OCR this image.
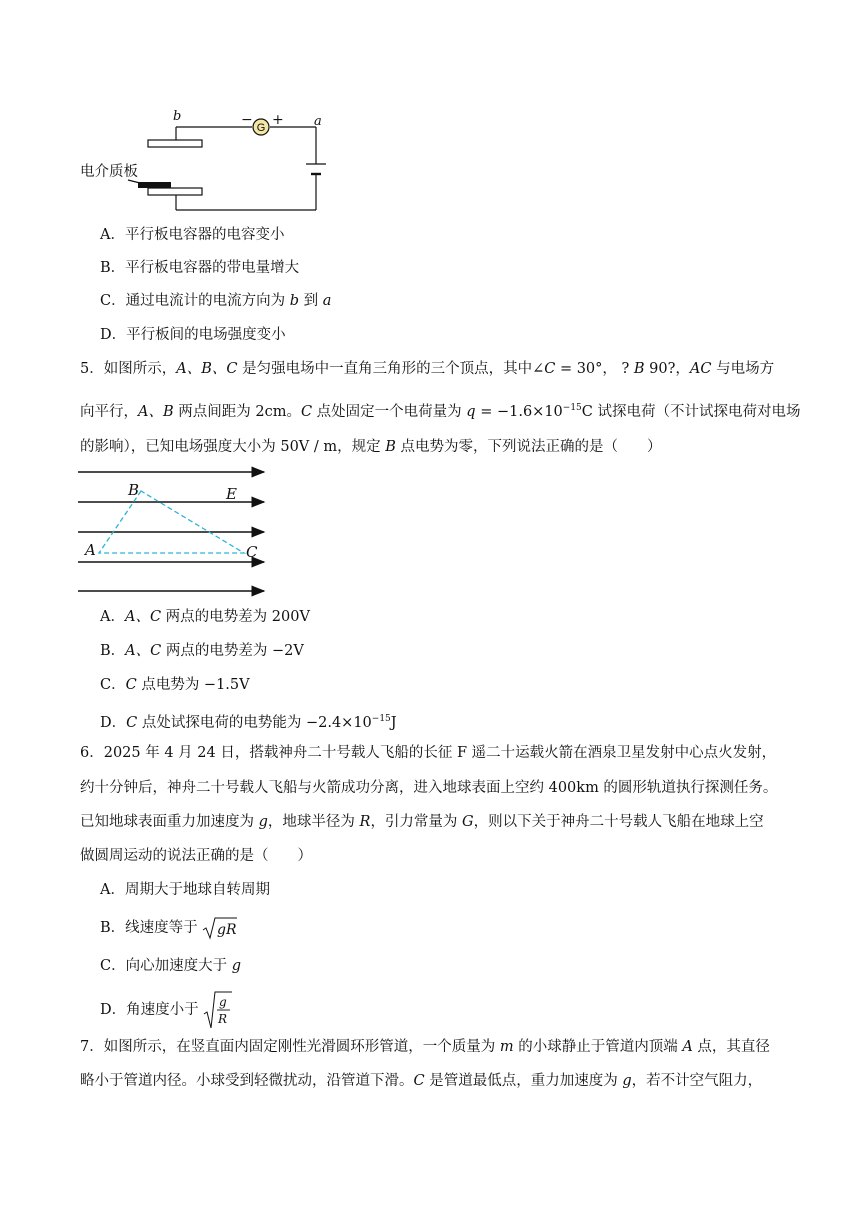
G
− +
b	a
电介质板
A．平行板电容器的电容变小
B．平行板电容器的带电量增大
C．通过电流计的电流方向为 b 到 a
D．平行板间的电场强度变小
5．如图所示，A、B、C 是匀强电场中一直角三角形的三个顶点，其中∠C = 30°， ? B 90?，AC 与电场方
向平行，A、B 两点间距为 2cm。C 点处固定一个电荷量为 $q = -1.6\times 10^{-15}C$ 试探电荷（不计试探电荷对电场
的影响），已知电场强度大小为 50V / m，规定 B 点电势为零，下列说法正确的是（　　）
B	E
A	C
A．A、C 两点的电势差为 200V
B．A、C 两点的电势差为 −2V
C．C 点电势为 −1.5V
D．C 点处试探电荷的电势能为 $-2.4\times 10^{-15}J$
6．2025 年 4 月 24 日，搭载神舟二十号载人飞船的长征 F 遥二十运载火箭在酒泉卫星发射中心点火发射，
约十分钟后，神舟二十号载人飞船与火箭成功分离，进入地球表面上空约 400km 的圆形轨道执行探测任务。
已知地球表面重力加速度为 g，地球半径为 R，引力常量为 G，则以下关于神舟二十号载人飞船在地球上空
做圆周运动的说法正确的是（　　）
A．周期大于地球自转周期
B．线速度等于 gR
C．向心加速度大于 g
D．角速度小于 g
R
7．如图所示，在竖直面内固定刚性光滑圆环形管道，一个质量为 m 的小球静止于管道内顶端 A 点，其直径
略小于管道内径。小球受到轻微扰动，沿管道下滑。C 是管道最低点，重力加速度为 g，若不计空气阻力，
